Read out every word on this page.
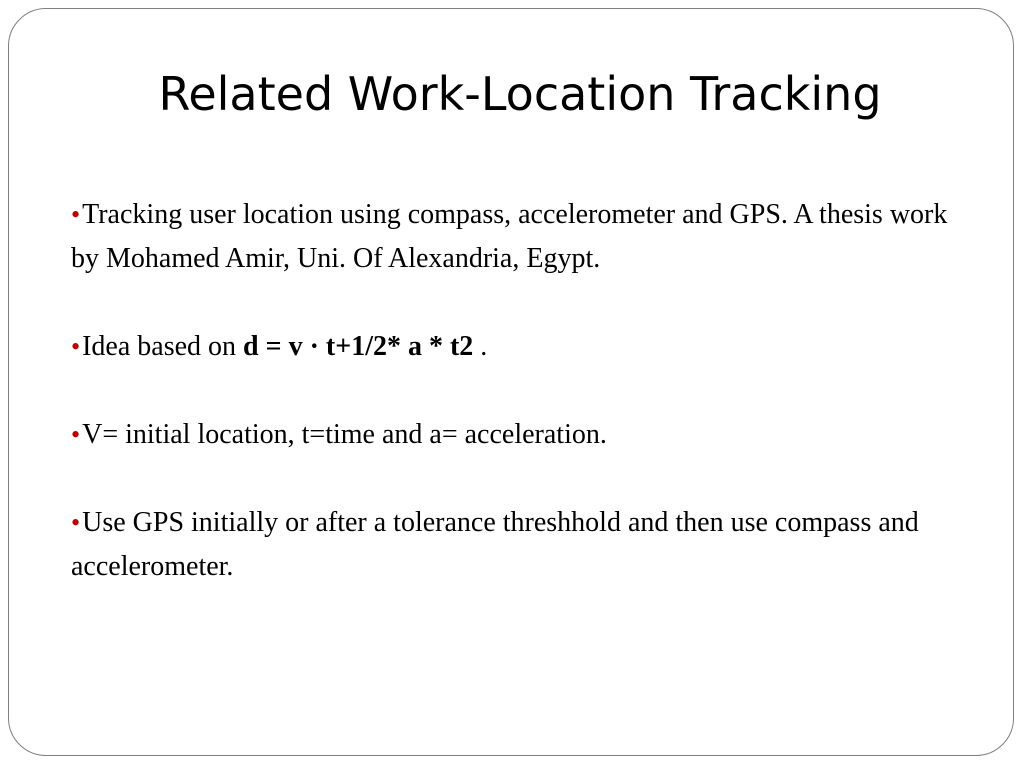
Related Work-Location Tracking

•Tracking user location using compass, accelerometer and GPS. A thesis work by Mohamed Amir, Uni. Of Alexandria, Egypt.

•Idea based on d = v · t+1/2* a * t2 .

•V= initial location, t=time and a= acceleration.

•Use GPS initially or after a tolerance threshhold and then use compass and accelerometer.
